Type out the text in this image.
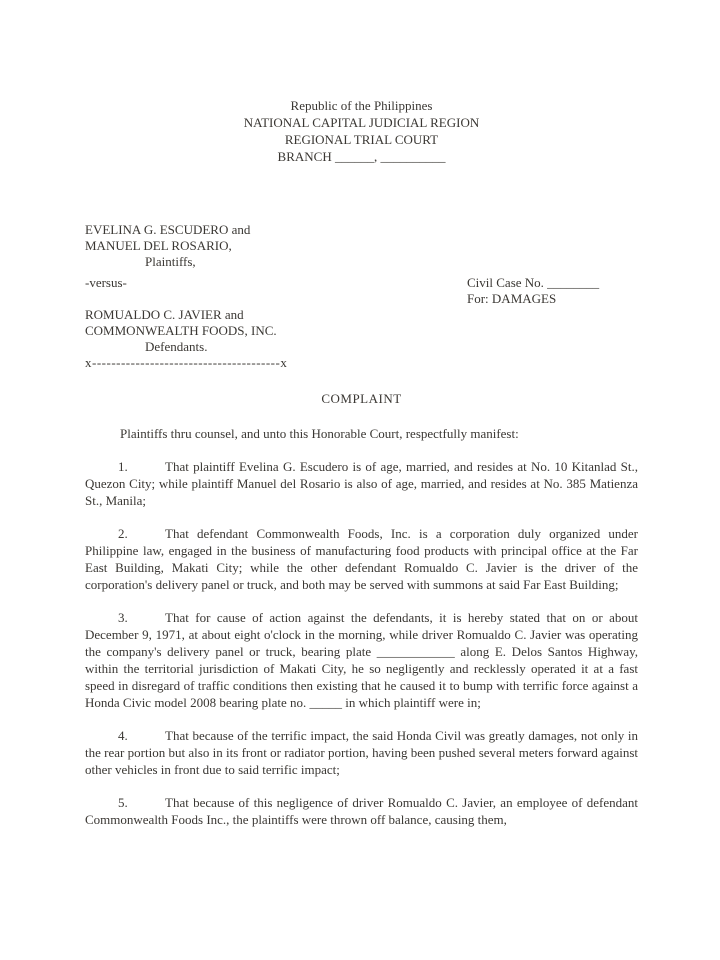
Republic of the Philippines
NATIONAL CAPITAL JUDICIAL REGION
REGIONAL TRIAL COURT
BRANCH ______, __________
EVELINA G. ESCUDERO and
MANUEL DEL ROSARIO,
Plaintiffs,
-versus-
ROMUALDO C. JAVIER and
COMMONWEALTH FOODS, INC.
Defendants.
x---------------------------------------x
Civil Case No. ________
For: DAMAGES
COMPLAINT
Plaintiffs thru counsel, and unto this Honorable Court, respectfully manifest:
1.	That plaintiff Evelina G. Escudero is of age, married, and resides at No. 10 Kitanlad St., Quezon City; while plaintiff Manuel del Rosario is also of age, married, and resides at No. 385 Matienza St., Manila;
2.	That defendant Commonwealth Foods, Inc. is a corporation duly organized under Philippine law, engaged in the business of manufacturing food products with principal office at the Far East Building, Makati City; while the other defendant Romualdo C. Javier is the driver of the corporation's delivery panel or truck, and both may be served with summons at said Far East Building;
3.	That for cause of action against the defendants, it is hereby stated that on or about December 9, 1971, at about eight o'clock in the morning, while driver Romualdo C. Javier was operating the company's delivery panel or truck, bearing plate ____________ along E. Delos Santos Highway, within the territorial jurisdiction of Makati City, he so negligently and recklessly operated it at a fast speed in disregard of traffic conditions then existing that he caused it to bump with terrific force against a Honda Civic model 2008 bearing plate no. _____ in which plaintiff were in;
4.	That because of the terrific impact, the said Honda Civil was greatly damages, not only in the rear portion but also in its front or radiator portion, having been pushed several meters forward against other vehicles in front due to said terrific impact;
5.	That because of this negligence of driver Romualdo C. Javier, an employee of defendant Commonwealth Foods Inc., the plaintiffs were thrown off balance, causing them,
